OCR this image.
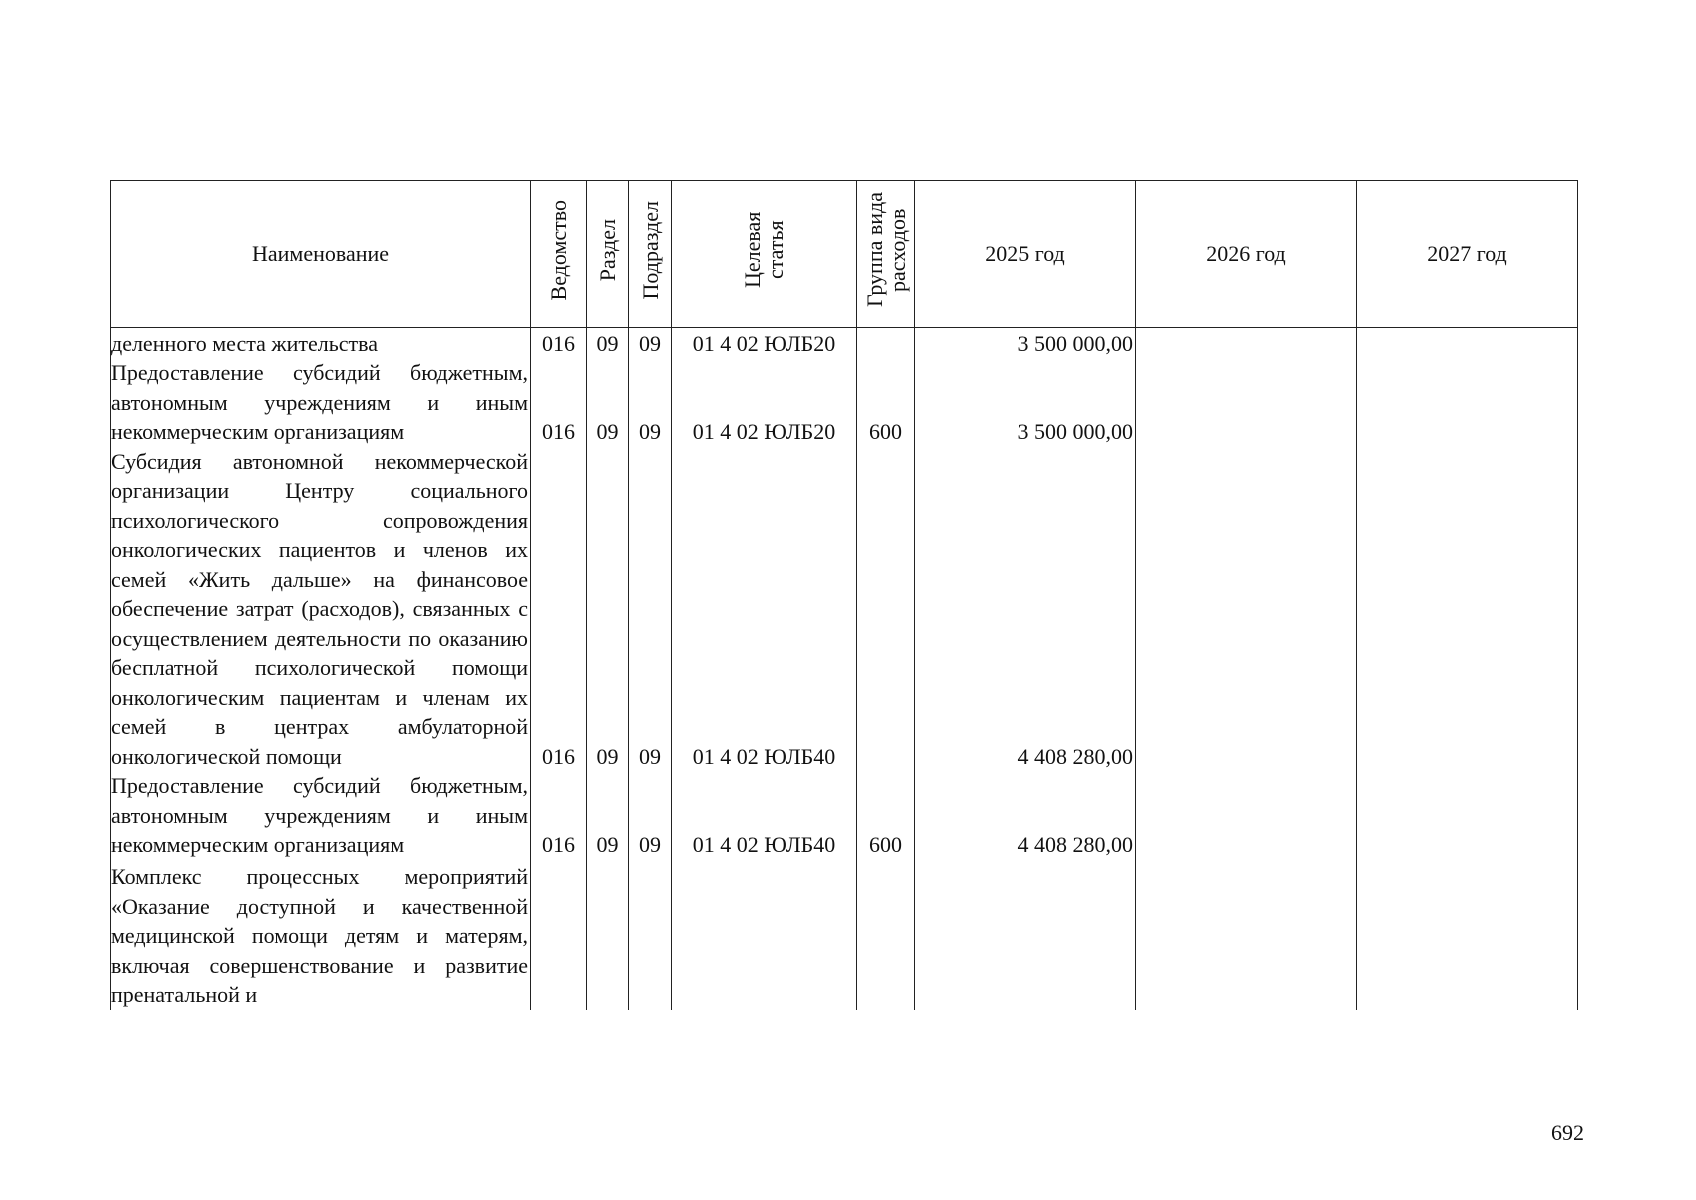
Наименование	Ведомство	Раздел	Подраздел	Целевая статья	Группа вида расходов	2025 год	2026 год	2027 год
деленного места жительства	016	09	09	01 4 02 ЮЛБ20		3 500 000,00		
Предоставление субсидий бюджетным, автономным учреждениям и иным некоммерческим организациям	016	09	09	01 4 02 ЮЛБ20	600	3 500 000,00		
Субсидия автономной некоммерческой организации Центру социального психологического сопровождения онкологических пациентов и членов их семей «Жить дальше» на финансовое обеспечение затрат (расходов), связанных с осуществлением деятельности по оказанию бесплатной психологической помощи онкологическим пациентам и членам их семей в центрах амбулаторной онкологической помощи	016	09	09	01 4 02 ЮЛБ40		4 408 280,00		
Предоставление субсидий бюджетным, автономным учреждениям и иным некоммерческим организациям	016	09	09	01 4 02 ЮЛБ40	600	4 408 280,00		
Комплекс процессных мероприятий «Оказание доступной и качественной медицинской помощи детям и матерям, включая совершенствование и развитие пренатальной и								
692
